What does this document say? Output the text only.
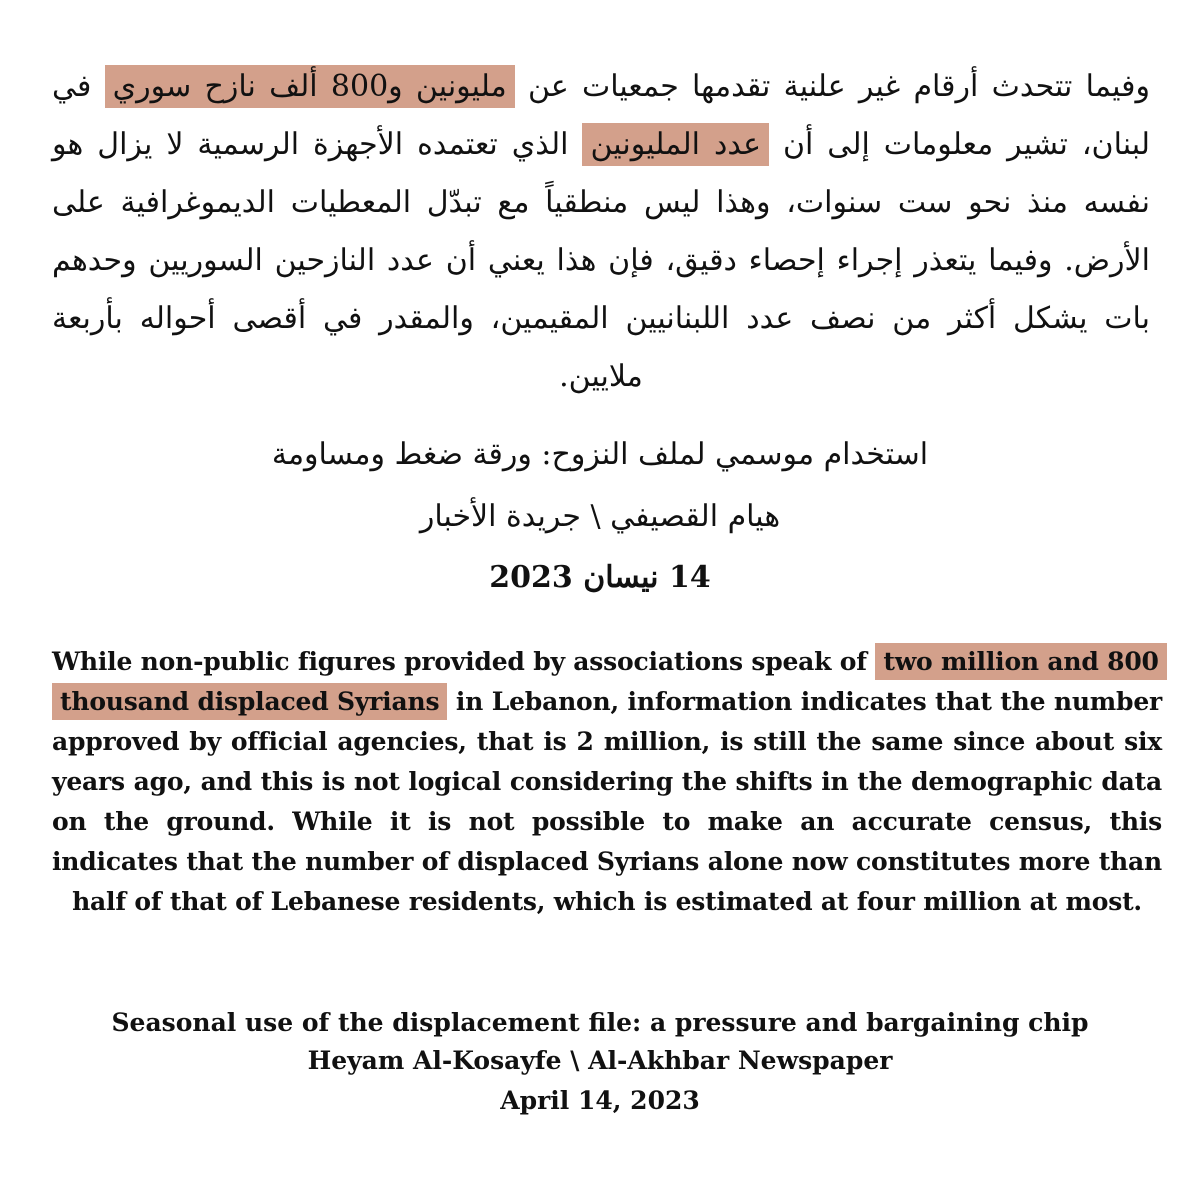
وفيما تتحدث أرقام غير علنية تقدمها جمعيات عن مليونين و800 ألف نازح سوري في لبنان، تشير معلومات إلى أن عدد المليونين الذي تعتمده الأجهزة الرسمية لا يزال هو نفسه منذ نحو ست سنوات، وهذا ليس منطقياً مع تبدّل المعطيات الديموغرافية على الأرض. وفيما يتعذر إجراء إحصاء دقيق، فإن هذا يعني أن عدد النازحين السوريين وحدهم بات يشكل أكثر من نصف عدد اللبنانيين المقيمين، والمقدر في أقصى أحواله بأربعة ملايين.

استخدام موسمي لملف النزوح: ورقة ضغط ومساومة

هيام القصيفي \ جريدة الأخبار

14 نيسان 2023

While non-public figures provided by associations speak of two million and 800 thousand displaced Syrians in Lebanon, information indicates that the number approved by official agencies, that is 2 million, is still the same since about six years ago, and this is not logical considering the shifts in the demographic data on the ground. While it is not possible to make an accurate census, this indicates that the number of displaced Syrians alone now constitutes more than half of that of Lebanese residents, which is estimated at four million at most.

Seasonal use of the displacement file: a pressure and bargaining chip

Heyam Al-Kosayfe \ Al-Akhbar Newspaper

April 14, 2023
